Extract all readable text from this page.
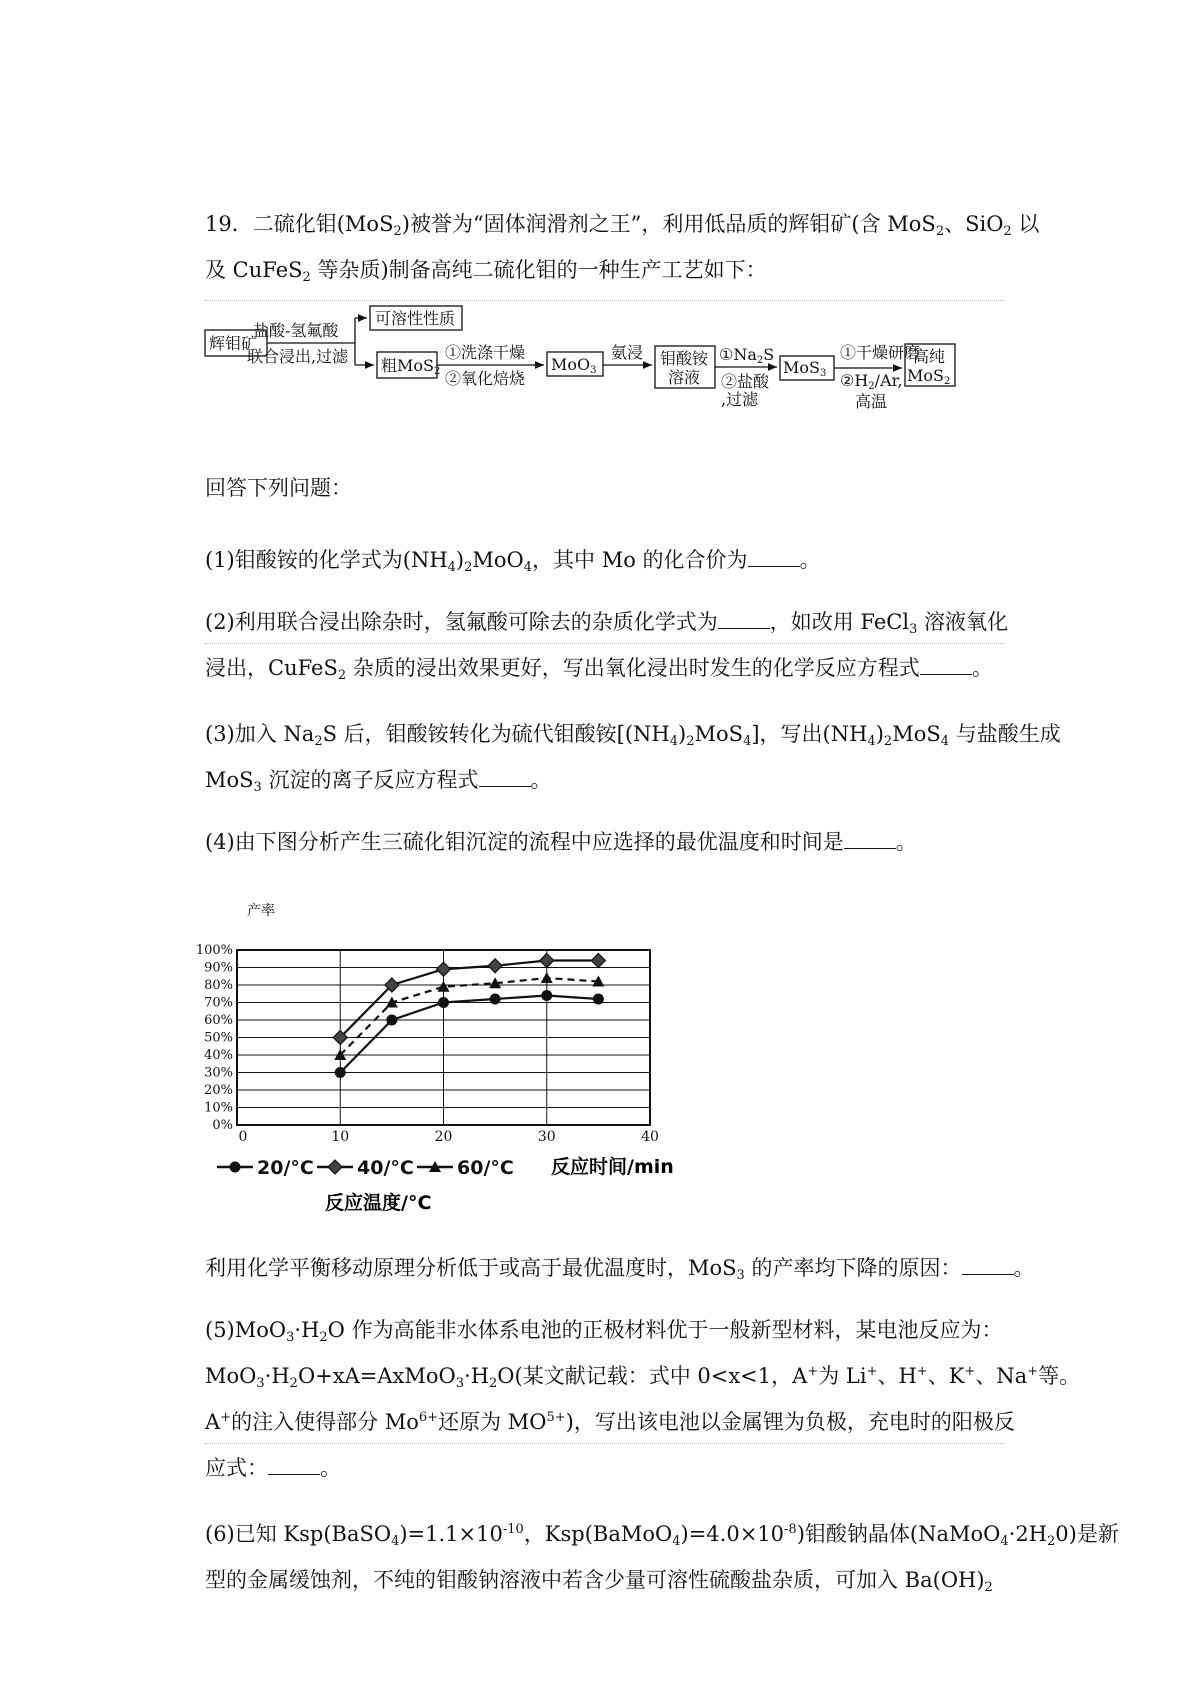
19．二硫化钼(MoS$_2$)被誉为“固体润滑剂之王”，利用低品质的辉钼矿(含 MoS$_2$、SiO$_2$ 以
及 CuFeS$_2$ 等杂质)制备高纯二硫化钼的一种生产工艺如下：
辉钼矿
盐酸-氢氟酸
联合浸出,过滤
可溶性性质
粗MoS2
①洗涤干燥
②氧化焙烧
MoO3
氨浸 钼酸铵
溶液
①Na2S
②盐酸
,过滤
MoS3
①干燥研磨
②H2/Ar,
高温
高纯
MoS2
回答下列问题：
(1)钼酸铵的化学式为$(NH_4)_2MoO_4$，其中 Mo 的化合价为 。
(2)利用联合浸出除杂时，氢氟酸可除去的杂质化学式为 ，如改用 FeCl$_3$ 溶液氧化
浸出，CuFeS$_2$ 杂质的浸出效果更好，写出氧化浸出时发生的化学反应方程式 。
(3)加入 $Na_2S$ 后，钼酸铵转化为硫代钼酸铵$[(NH_4)_2MoS_4]$，写出$(NH_4)_2MoS_4$ 与盐酸生成
MoS$_3$ 沉淀的离子反应方程式 。
(4)由下图分析产生三硫化钼沉淀的流程中应选择的最优温度和时间是 。
产率
0%
10%
20%
30%
40%
50%
60%
70%
80%
90%
100%
0	10	20	30	40
20/°C 40/°C 60/°C 反应时间/min
反应温度/°C
利用化学平衡移动原理分析低于或高于最优温度时，MoS$_3$ 的产率均下降的原因： 。
$(5)MoO_3\cdot H_2O$ 作为高能非水体系电池的正极材料优于一般新型材料，某电池反应为：
$MoO_3\cdot H_2O+xA=AxMoO_3\cdot H_2O$(某文献记载：式中 0<x<1，A+为 Li+、H+、K+、Na+等。
A+的注入使得部分 $Mo^{6+}$还原为 $MO^{5+}$)，写出该电池以金属锂为负极，充电时的阳极反
应式： 。
(6)已知 $Ksp(BaSO_4)=1.1\times 10^{-10}$，$Ksp(BaMoO_4)=4.0\times 10^{-8}$)钼酸钠晶体$(NaMoO_4\cdot 2H_20)$是新
型的金属缓蚀剂，不纯的钼酸钠溶液中若含少量可溶性硫酸盐杂质，可加入 $Ba(OH)_2$
